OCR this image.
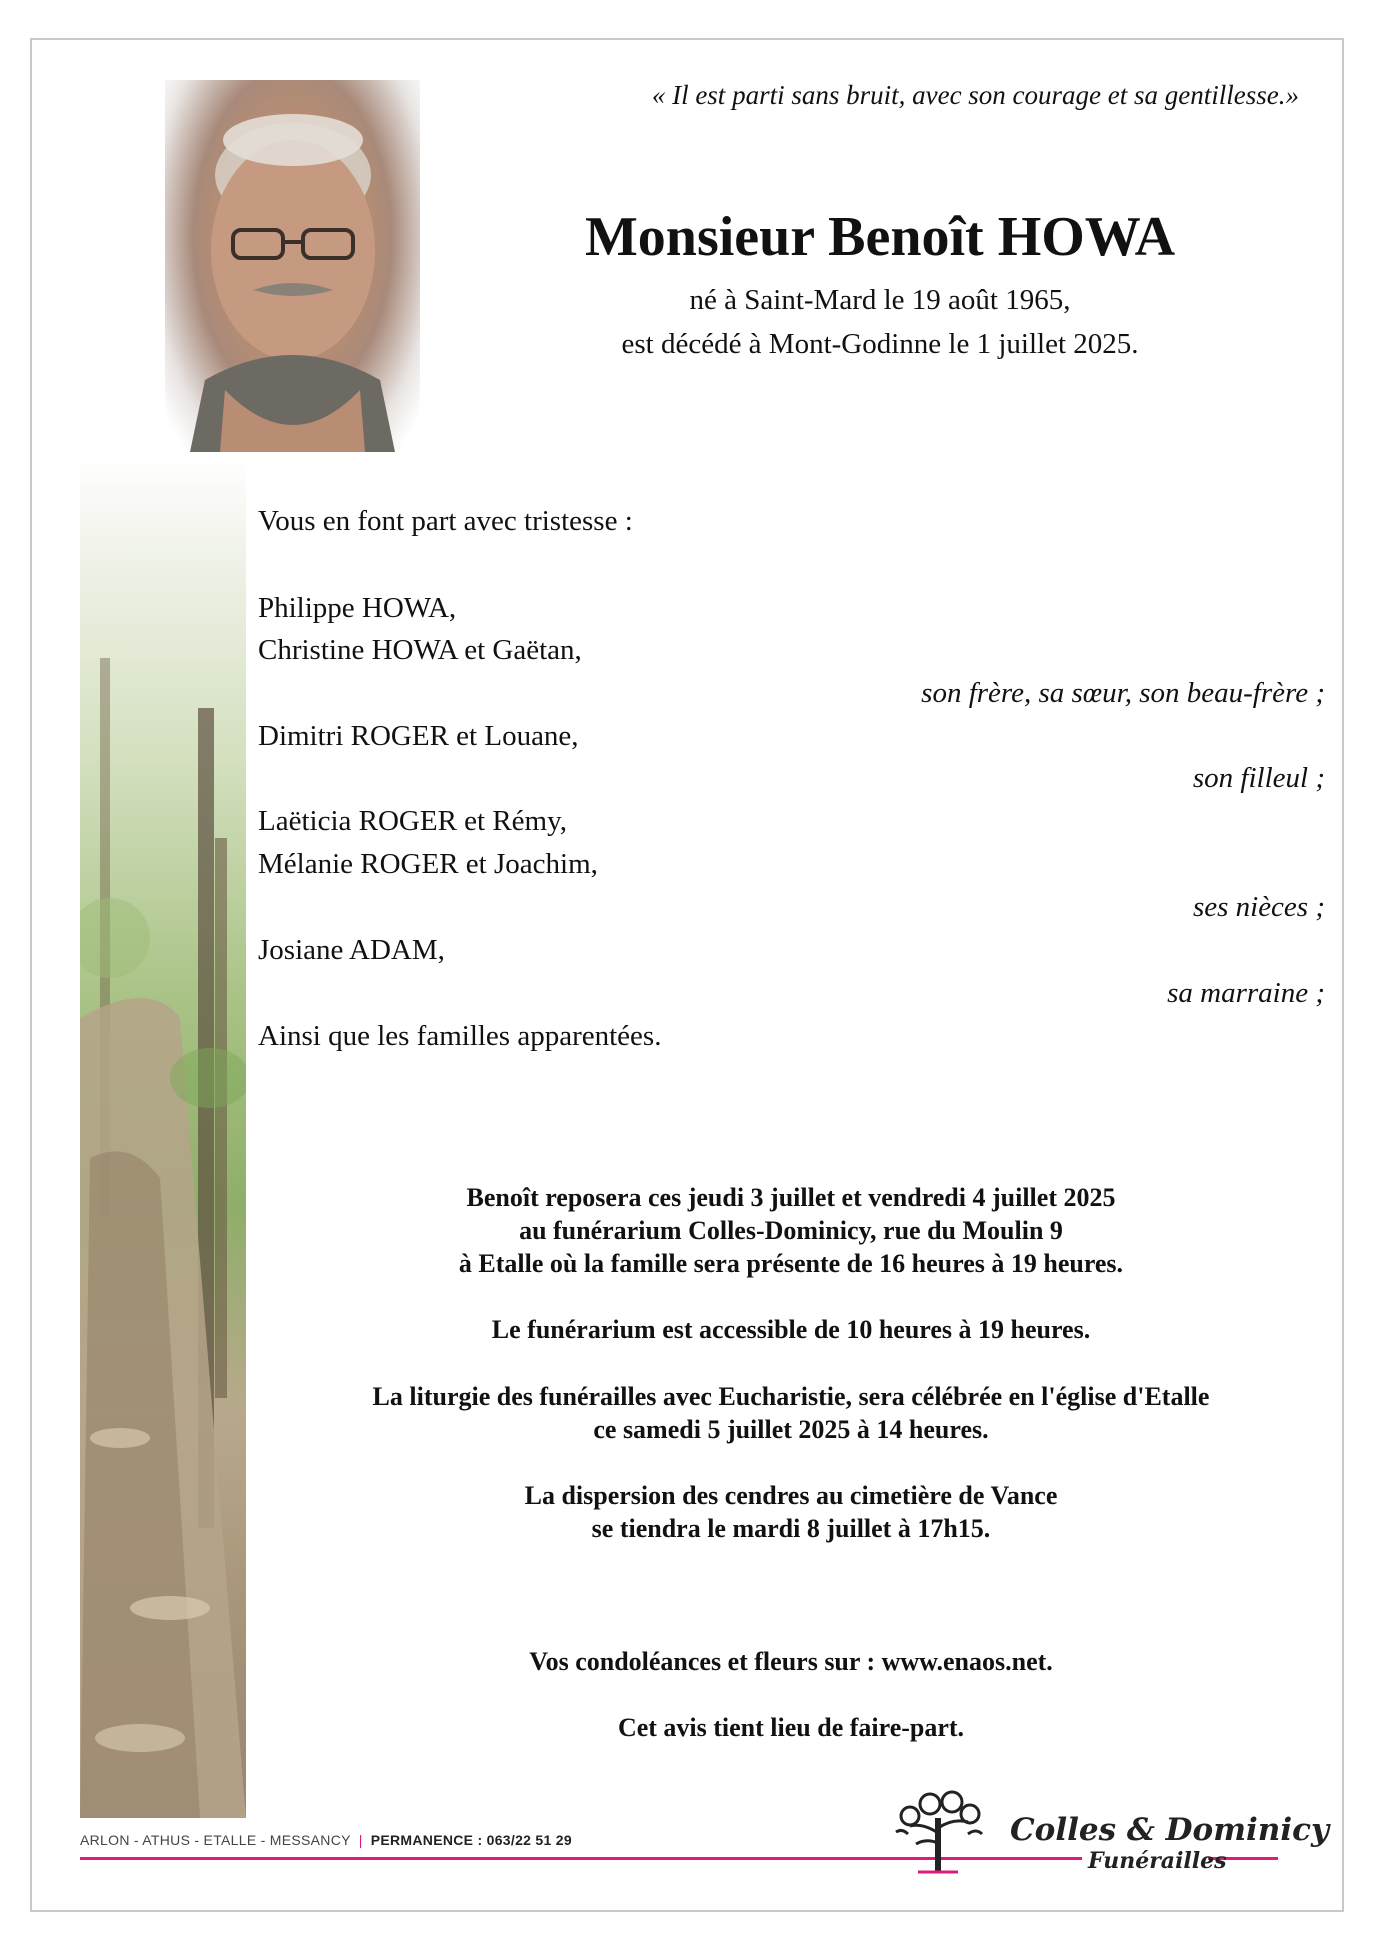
« Il est parti sans bruit, avec son courage et sa gentillesse.»
Monsieur Benoît HOWA
né à Saint-Mard le 19 août 1965,
est décédé à Mont-Godinne le 1 juillet 2025.
Vous en font part avec tristesse :
Philippe HOWA,
Christine HOWA et Gaëtan,
son frère, sa sœur, son beau-frère ;
Dimitri ROGER et Louane,
son filleul ;
Laëticia ROGER et Rémy,
Mélanie ROGER et Joachim,
ses nièces ;
Josiane ADAM,
sa marraine ;
Ainsi que les familles apparentées.
Benoît reposera ces jeudi 3 juillet et vendredi 4 juillet 2025
au funérarium Colles-Dominicy, rue du Moulin 9
à Etalle où la famille sera présente de 16 heures à 19 heures.
Le funérarium est accessible de 10 heures à 19 heures.
La liturgie des funérailles avec Eucharistie, sera célébrée en l'église d'Etalle
ce samedi 5 juillet 2025 à 14 heures.
La dispersion des cendres au cimetière de Vance
se tiendra le mardi 8 juillet à 17h15.
Vos condoléances et fleurs sur : www.enaos.net.
Cet avis tient lieu de faire-part.
ARLON - ATHUS - ETALLE - MESSANCY | PERMANENCE : 063/22 51 29	Colles & Dominicy
Funérailles
